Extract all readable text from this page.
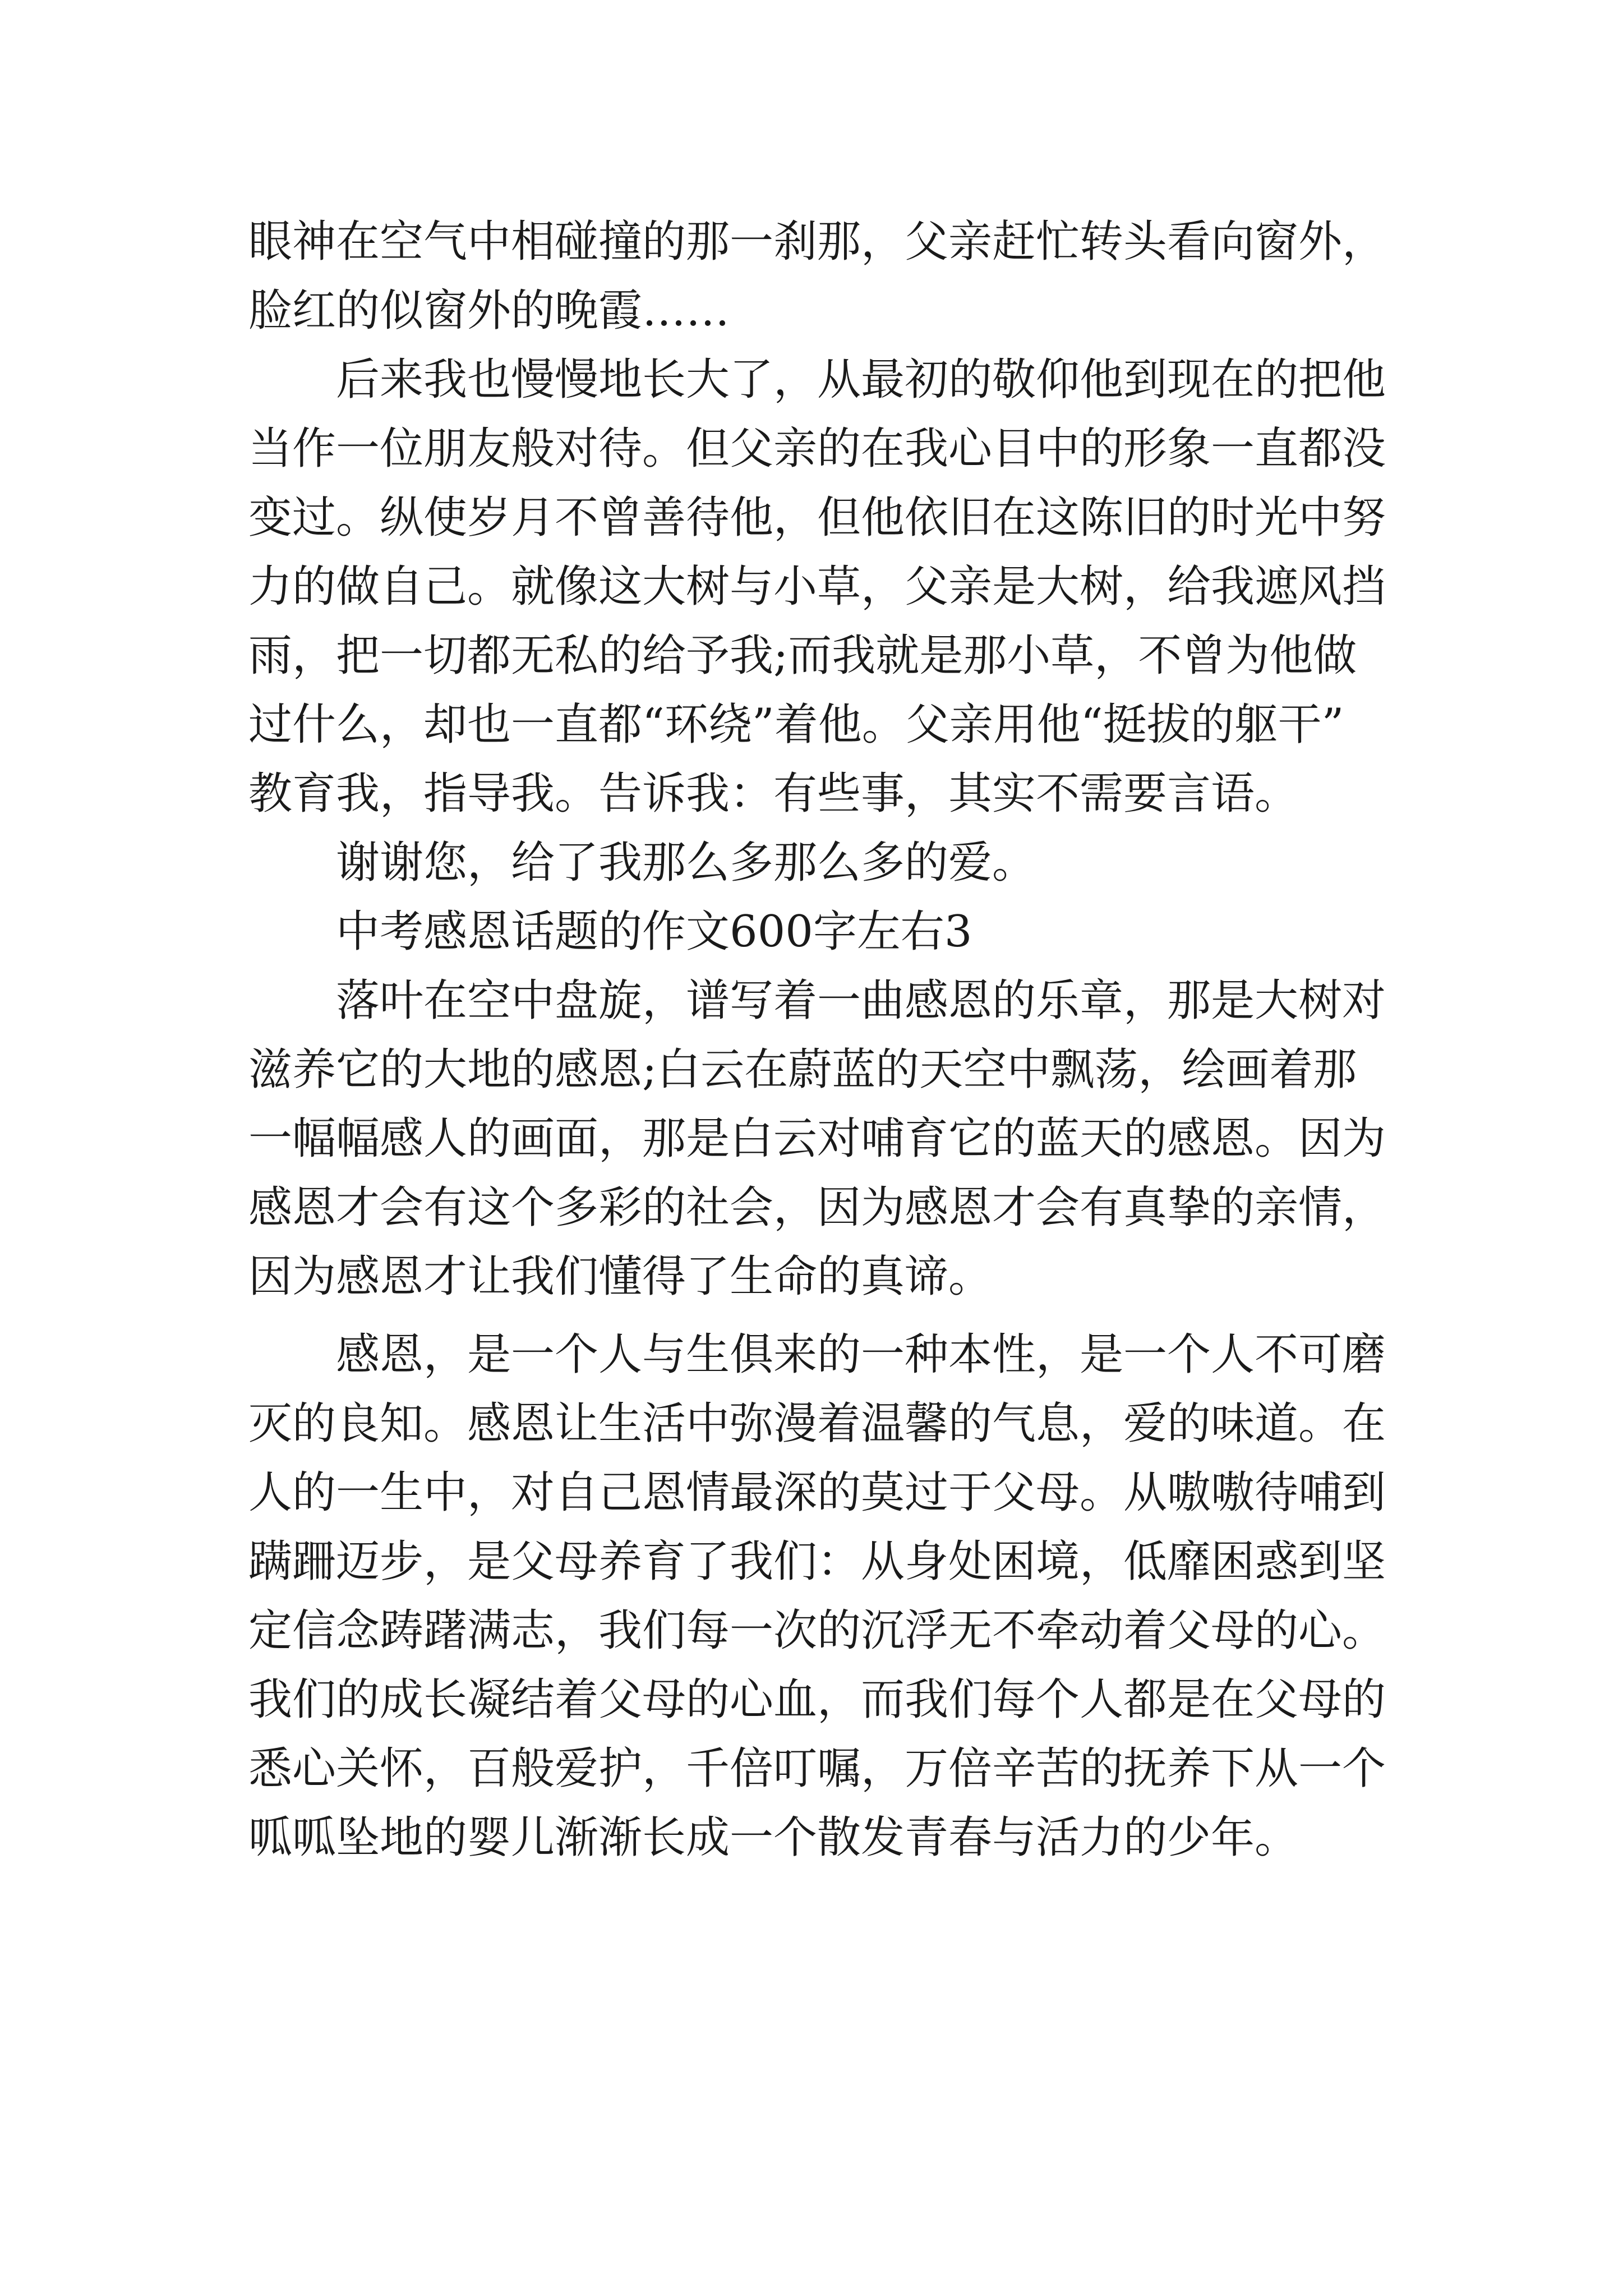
眼神在空气中相碰撞的那一刹那，父亲赶忙转头看向窗外，
脸红的似窗外的晚霞……
后来我也慢慢地长大了，从最初的敬仰他到现在的把他
当作一位朋友般对待。但父亲的在我心目中的形象一直都没
变过。纵使岁月不曾善待他，但他依旧在这陈旧的时光中努
力的做自己。就像这大树与小草，父亲是大树，给我遮风挡
雨，把一切都无私的给予我;而我就是那小草，不曾为他做
过什么，却也一直都“环绕”着他。父亲用他“挺拔的躯干”
教育我，指导我。告诉我：有些事，其实不需要言语。
谢谢您，给了我那么多那么多的爱。
中考感恩话题的作文600字左右3
落叶在空中盘旋，谱写着一曲感恩的乐章，那是大树对
滋养它的大地的感恩;白云在蔚蓝的天空中飘荡，绘画着那
一幅幅感人的画面，那是白云对哺育它的蓝天的感恩。因为
感恩才会有这个多彩的社会，因为感恩才会有真挚的亲情，
因为感恩才让我们懂得了生命的真谛。
感恩，是一个人与生俱来的一种本性，是一个人不可磨
灭的良知。感恩让生活中弥漫着温馨的气息，爱的味道。在
人的一生中，对自己恩情最深的莫过于父母。从嗷嗷待哺到
蹒跚迈步，是父母养育了我们：从身处困境，低靡困惑到坚
定信念踌躇满志，我们每一次的沉浮无不牵动着父母的心。
我们的成长凝结着父母的心血，而我们每个人都是在父母的
悉心关怀，百般爱护，千倍叮嘱，万倍辛苦的抚养下从一个
呱呱坠地的婴儿渐渐长成一个散发青春与活力的少年。
